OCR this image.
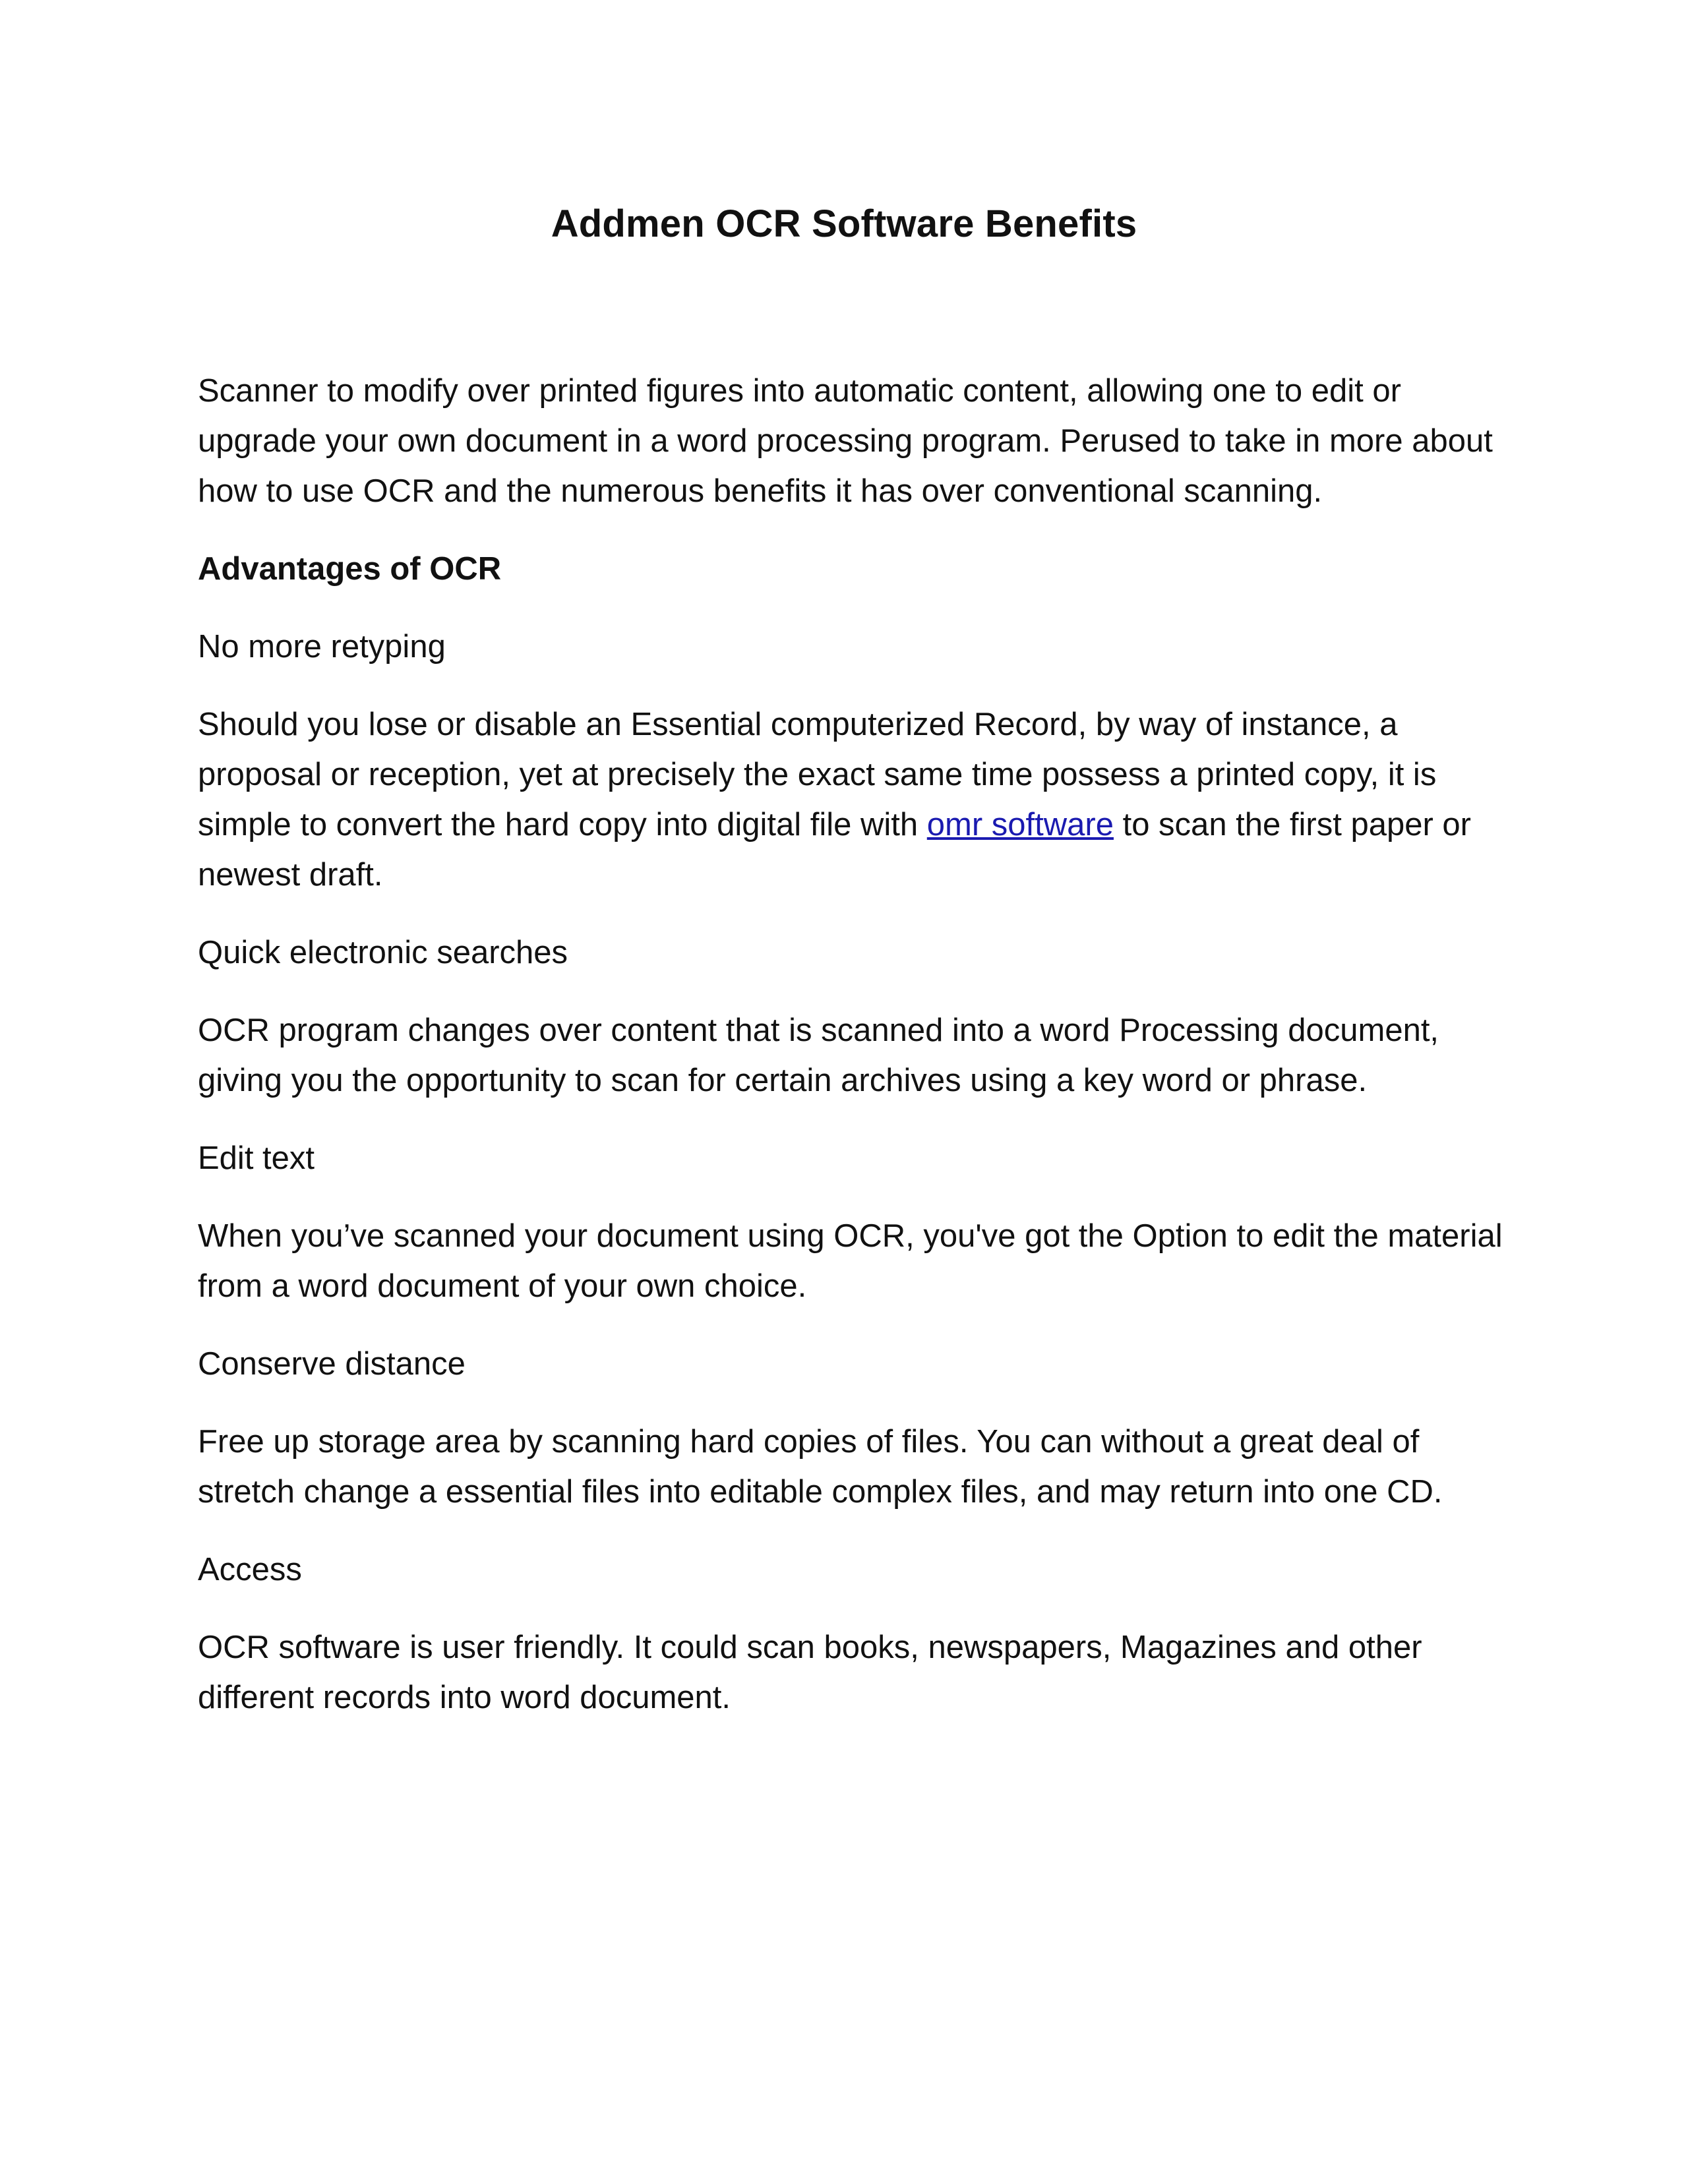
Addmen OCR Software Benefits

Scanner to modify over printed figures into automatic content, allowing one to edit or upgrade your own document in a word processing program. Perused to take in more about how to use OCR and the numerous benefits it has over conventional scanning.

Advantages of OCR

No more retyping

Should you lose or disable an Essential computerized Record, by way of instance, a proposal or reception, yet at precisely the exact same time possess a printed copy, it is simple to convert the hard copy into digital file with omr software to scan the first paper or newest draft.

Quick electronic searches

OCR program changes over content that is scanned into a word Processing document, giving you the opportunity to scan for certain archives using a key word or phrase.

Edit text

When you’ve scanned your document using OCR, you've got the Option to edit the material from a word document of your own choice.

Conserve distance

Free up storage area by scanning hard copies of files. You can without a great deal of stretch change a essential files into editable complex files, and may return into one CD.

Access

OCR software is user friendly. It could scan books, newspapers, Magazines and other different records into word document.
